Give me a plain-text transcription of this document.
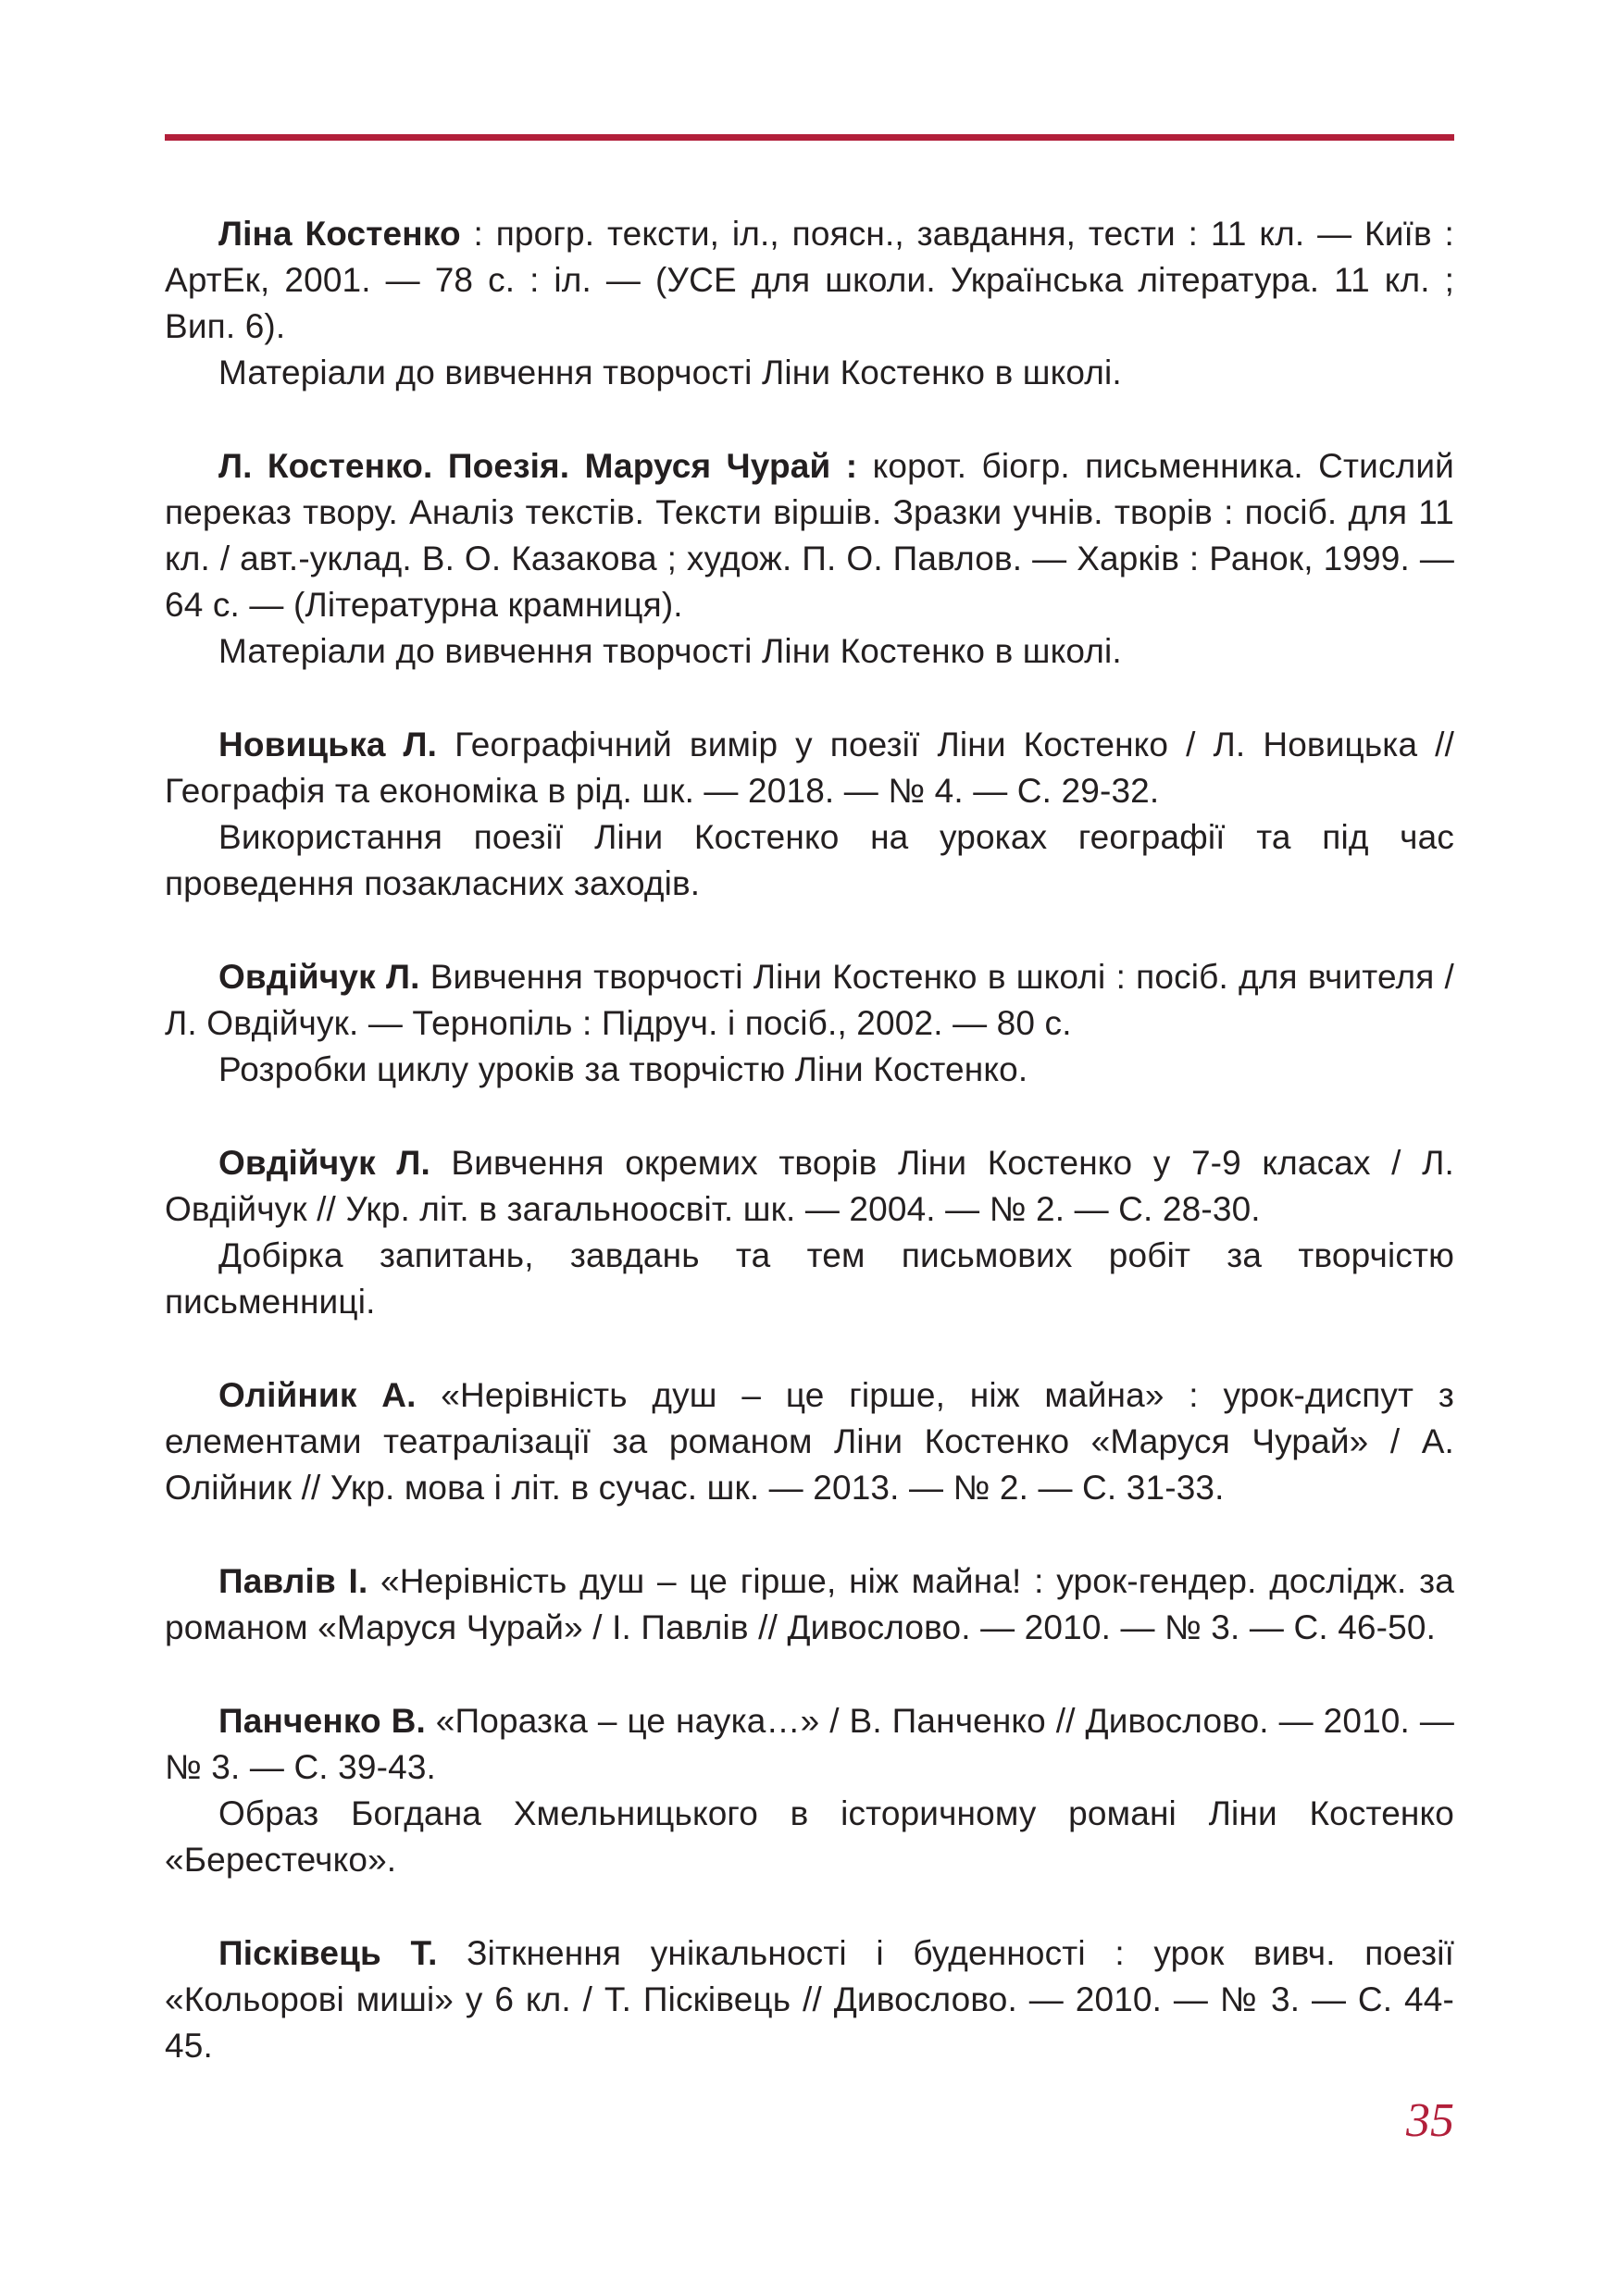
Ліна Костенко : прогр. тексти, іл., поясн., завдання, тести : 11 кл. — Київ : АртЕк, 2001. — 78 с. : іл. — (УСЕ для школи. Українська література. 11 кл. ; Вип. 6).

Матеріали до вивчення творчості Ліни Костенко в школі.

Л. Костенко. Поезія. Маруся Чурай : корот. біогр. письменника. Стислий переказ твору. Аналіз текстів. Тексти віршів. Зразки учнів. творів : посіб. для 11 кл. / авт.-уклад. В. О. Казакова ; худож. П. О. Павлов. — Харків : Ранок, 1999. — 64 с. — (Літературна крамниця).

Матеріали до вивчення творчості Ліни Костенко в школі.

Новицька Л. Географічний вимір у поезії Ліни Костенко / Л. Новицька // Географія та економіка в рід. шк. — 2018. — № 4. — С. 29-32.

Використання поезії Ліни Костенко на уроках географії та під час проведення позакласних заходів.

Овдійчук Л. Вивчення творчості Ліни Костенко в школі : посіб. для вчителя / Л. Овдійчук. — Тернопіль : Підруч. і посіб., 2002. — 80 с.

Розробки циклу уроків за творчістю Ліни Костенко.

Овдійчук Л. Вивчення окремих творів Ліни Костенко у 7-9 класах / Л. Овдійчук // Укр. літ. в загальноосвіт. шк. — 2004. — № 2. — С. 28-30.

Добірка запитань, завдань та тем письмових робіт за творчістю письменниці.

Олійник А. «Нерівність душ – це гірше, ніж майна» : урок-диспут з елементами театралізації за романом Ліни Костенко «Маруся Чурай» / А. Олійник // Укр. мова і літ. в сучас. шк. — 2013. — № 2. — С. 31-33.

Павлів І. «Нерівність душ – це гірше, ніж майна! : урок-гендер. дослідж. за романом «Маруся Чурай» / І. Павлів // Дивослово. — 2010. — № 3. — С. 46-50.

Панченко В. «Поразка – це наука…» / В. Панченко // Дивослово. — 2010. — № 3. — С. 39-43.

Образ Богдана Хмельницького в історичному романі Ліни Костенко «Берестечко».

Пісківець Т. Зіткнення унікальності і буденності : урок вивч. поезії «Кольорові миші» у 6 кл. / Т. Пісківець // Дивослово. — 2010. — № 3. — С. 44-45.

35
